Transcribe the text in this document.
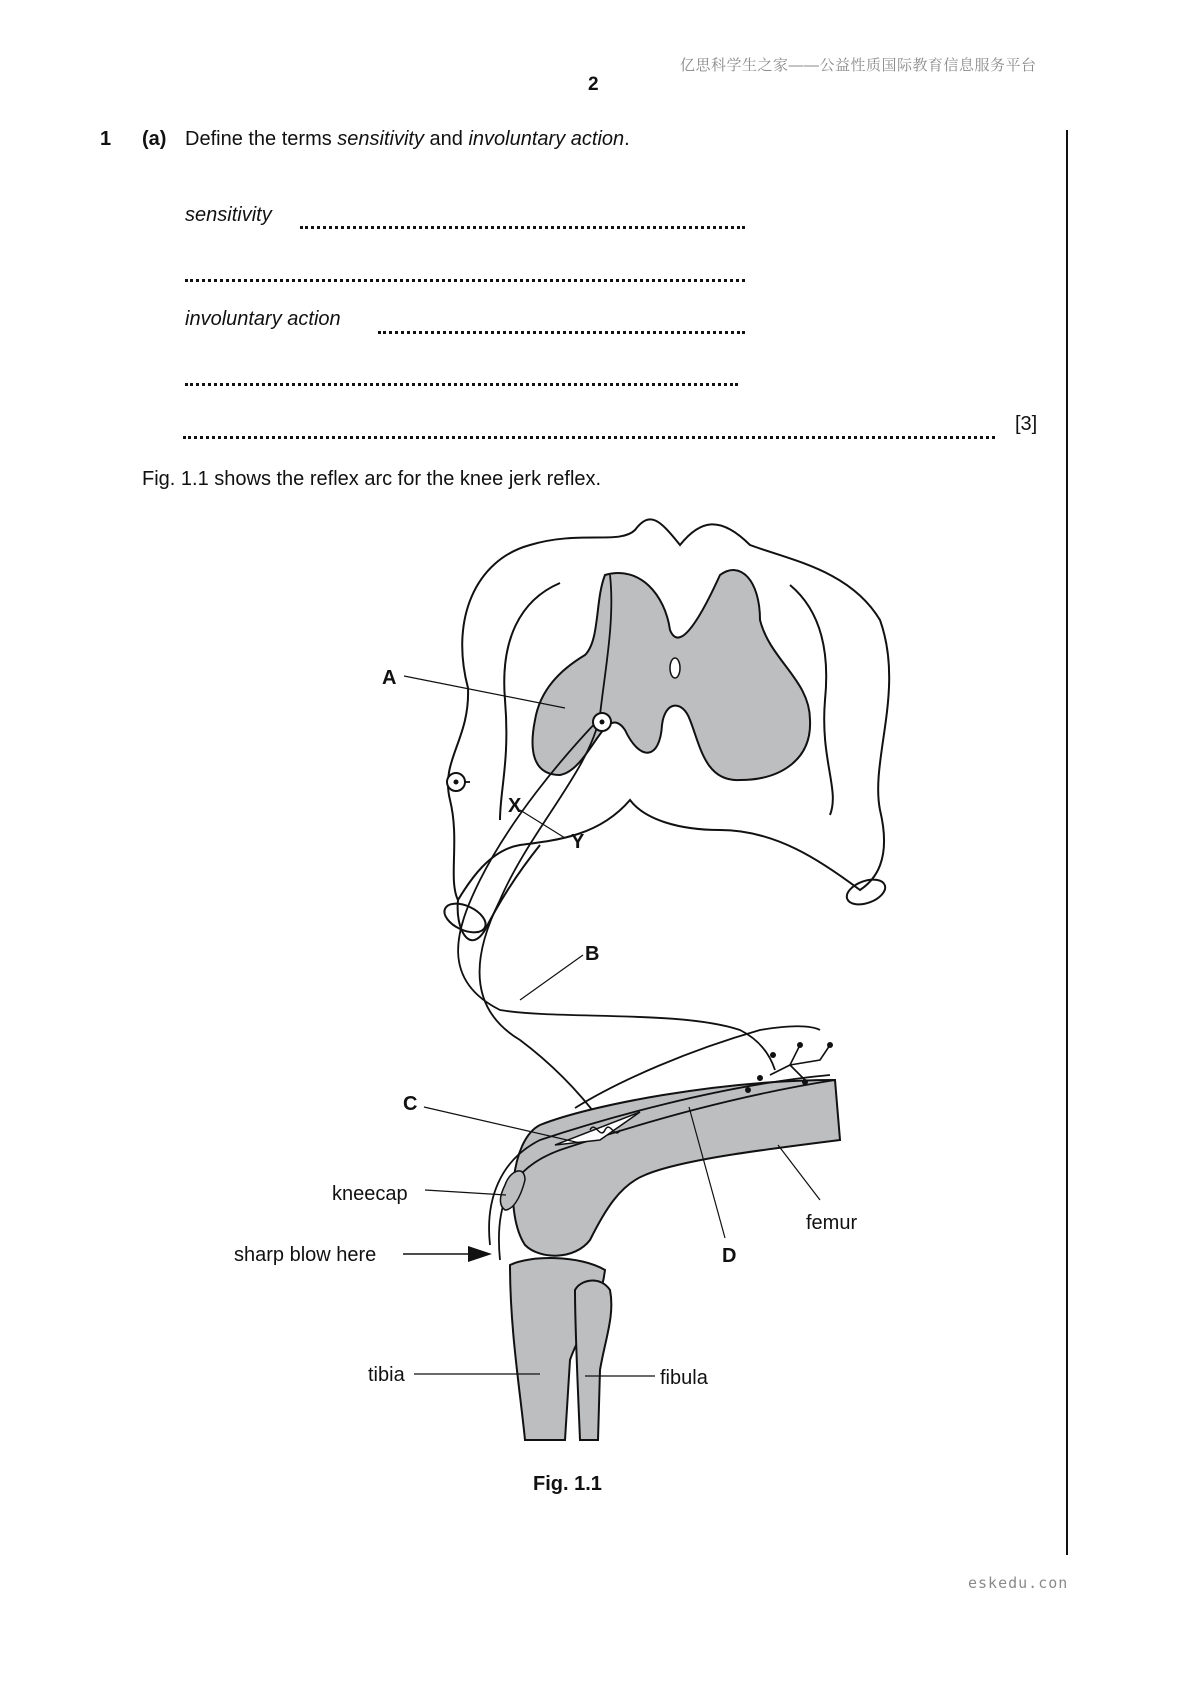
亿思科学生之家——公益性质国际教育信息服务平台
2
1 (a) Define the terms sensitivity and involuntary action.
sensitivity
involuntary action
[3]
Fig. 1.1 shows the reflex arc for the knee jerk reflex.
A
B
C
D
X
Y
kneecap
sharp blow here
femur
tibia	fibula
Fig. 1.1
eskedu.con
